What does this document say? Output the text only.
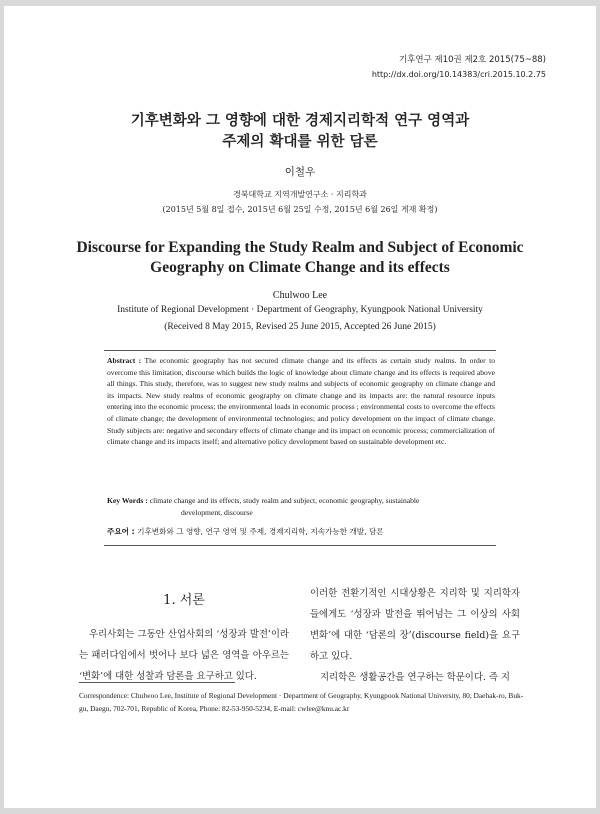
기후연구 제10권 제2호 2015(75~88)
http://dx.doi.org/10.14383/cri.2015.10.2.75
기후변화와 그 영향에 대한 경제지리학적 연구 영역과
주제의 확대를 위한 담론
이철우
경북대학교 지역개발연구소 · 지리학과
(2015년 5월 8일 접수, 2015년 6월 25일 수정, 2015년 6월 26일 게재 확정)
Discourse for Expanding the Study Realm and Subject of Economic
Geography on Climate Change and its effects
Chulwoo Lee
Institute of Regional Development · Department of Geography, Kyungpook National University
(Received 8 May 2015, Revised 25 June 2015, Accepted 26 June 2015)
Abstract : The economic geography has not secured climate change and its effects as certain study realms. In order to overcome this limitation, discourse which builds the logic of knowledge about climate change and its effects is required above all things. This study, therefore, was to suggest new study realms and subjects of economic geography on climate change and its impacts. New study realms of economic geography on climate change and its impacts are: the natural resource inputs entering into the economic process; the environmental loads in economic process ; environmental costs to overcome the effects of climate change; the development of environmental technologies; and policy development on the impact of climate change. Study subjects are: negative and secondary effects of climate change and its impact on economic process; commercialization of climate change and its impacts itself; and alternative policy development based on sustainable development etc.
Key Words : climate change and its effects, study realm and subject, economic geography, sustainable
development, discourse
주요어 : 기후변화와 그 영향, 연구 영역 및 주제, 경제지리학, 지속가능한 개발, 담론
1. 서론

우리사회는 그동안 산업사회의 ‘성장과 발전’이라는 패러다임에서 벗어나 보다 넓은 영역을 아우르는 ‘변화’에 대한 성찰과 담론을 요구하고 있다.

이러한 전환기적인 시대상황은 지리학 및 지리학자들에게도 ‘성장과 발전을 뛰어넘는 그 이상의 사회변화’에 대한 ‘담론의 장’(discourse field)을 요구하고 있다.

지리학은 생활공간을 연구하는 학문이다. 즉 지

Correspondence: Chulwoo Lee, Institute of Regional Development · Department of Geography, Kyungpook National University, 80, Daehak-ro, Buk-gu, Daegu, 702-701, Republic of Korea, Phone: 82-53-950-5234, E-mail: cwlee@knu.ac.kr
